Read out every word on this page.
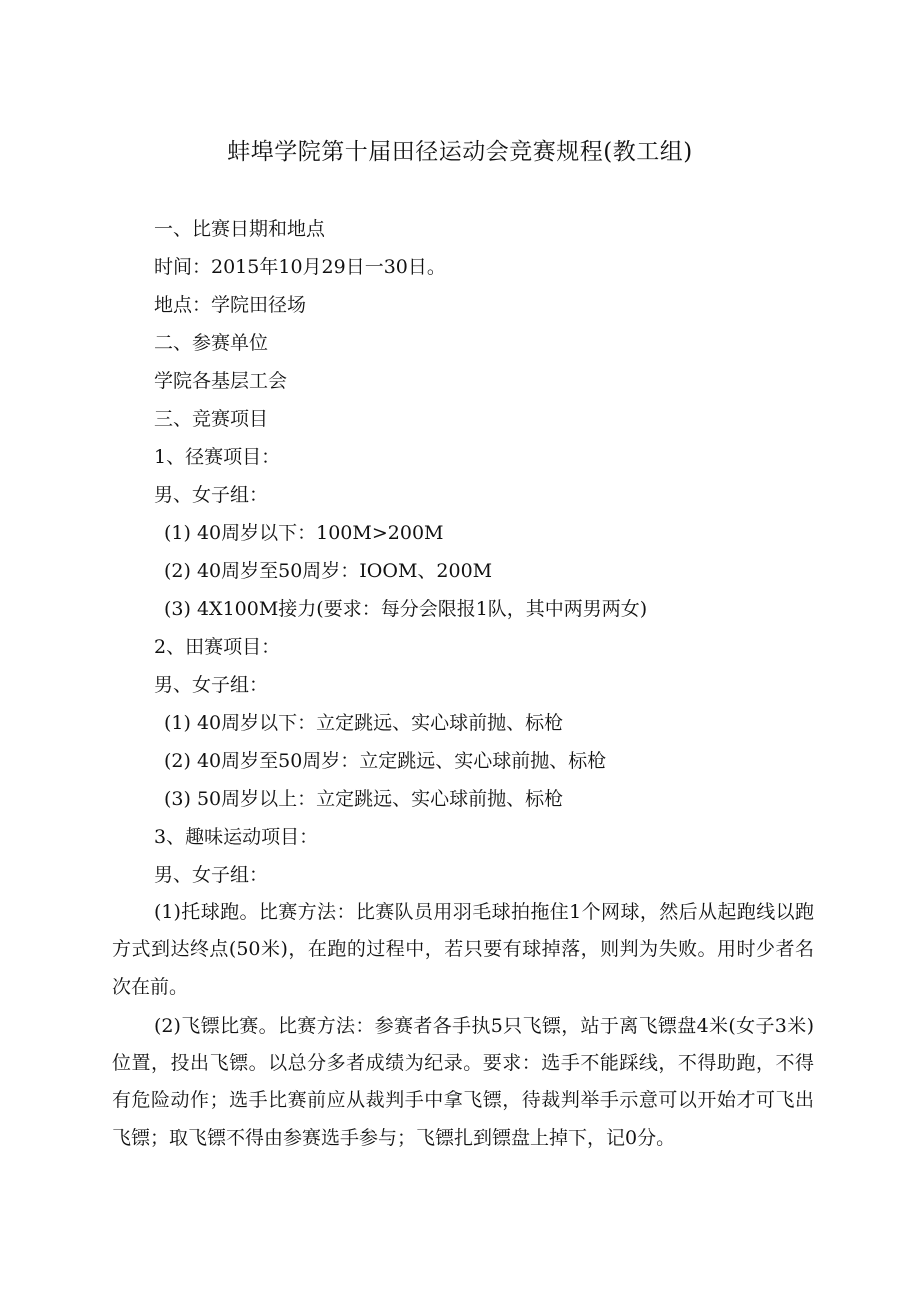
蚌埠学院第十届田径运动会竞赛规程(教工组)
一、比赛日期和地点
时间：2015年10月29日一30日。
地点：学院田径场
二、参赛单位
学院各基层工会
三、竞赛项目
1、径赛项目：
男、女子组：
(1) 40周岁以下：100M>200M
(2) 40周岁至50周岁：IOOM、200M
(3) 4X100M接力(要求：每分会限报1队，其中两男两女)
2、田赛项目：
男、女子组：
(1) 40周岁以下：立定跳远、实心球前抛、标枪
(2) 40周岁至50周岁：立定跳远、实心球前抛、标枪
(3) 50周岁以上：立定跳远、实心球前抛、标枪
3、趣味运动项目：
男、女子组：

(1)托球跑。比赛方法：比赛队员用羽毛球拍拖住1个网球，然后从起跑线以跑方式到达终点(50米)，在跑的过程中，若只要有球掉落，则判为失败。用时少者名次在前。

(2)飞镖比赛。比赛方法：参赛者各手执5只飞镖，站于离飞镖盘4米(女子3米)位置，投出飞镖。以总分多者成绩为纪录。要求：选手不能踩线，不得助跑，不得有危险动作；选手比赛前应从裁判手中拿飞镖，待裁判举手示意可以开始才可飞出飞镖；取飞镖不得由参赛选手参与；飞镖扎到镖盘上掉下，记0分。
